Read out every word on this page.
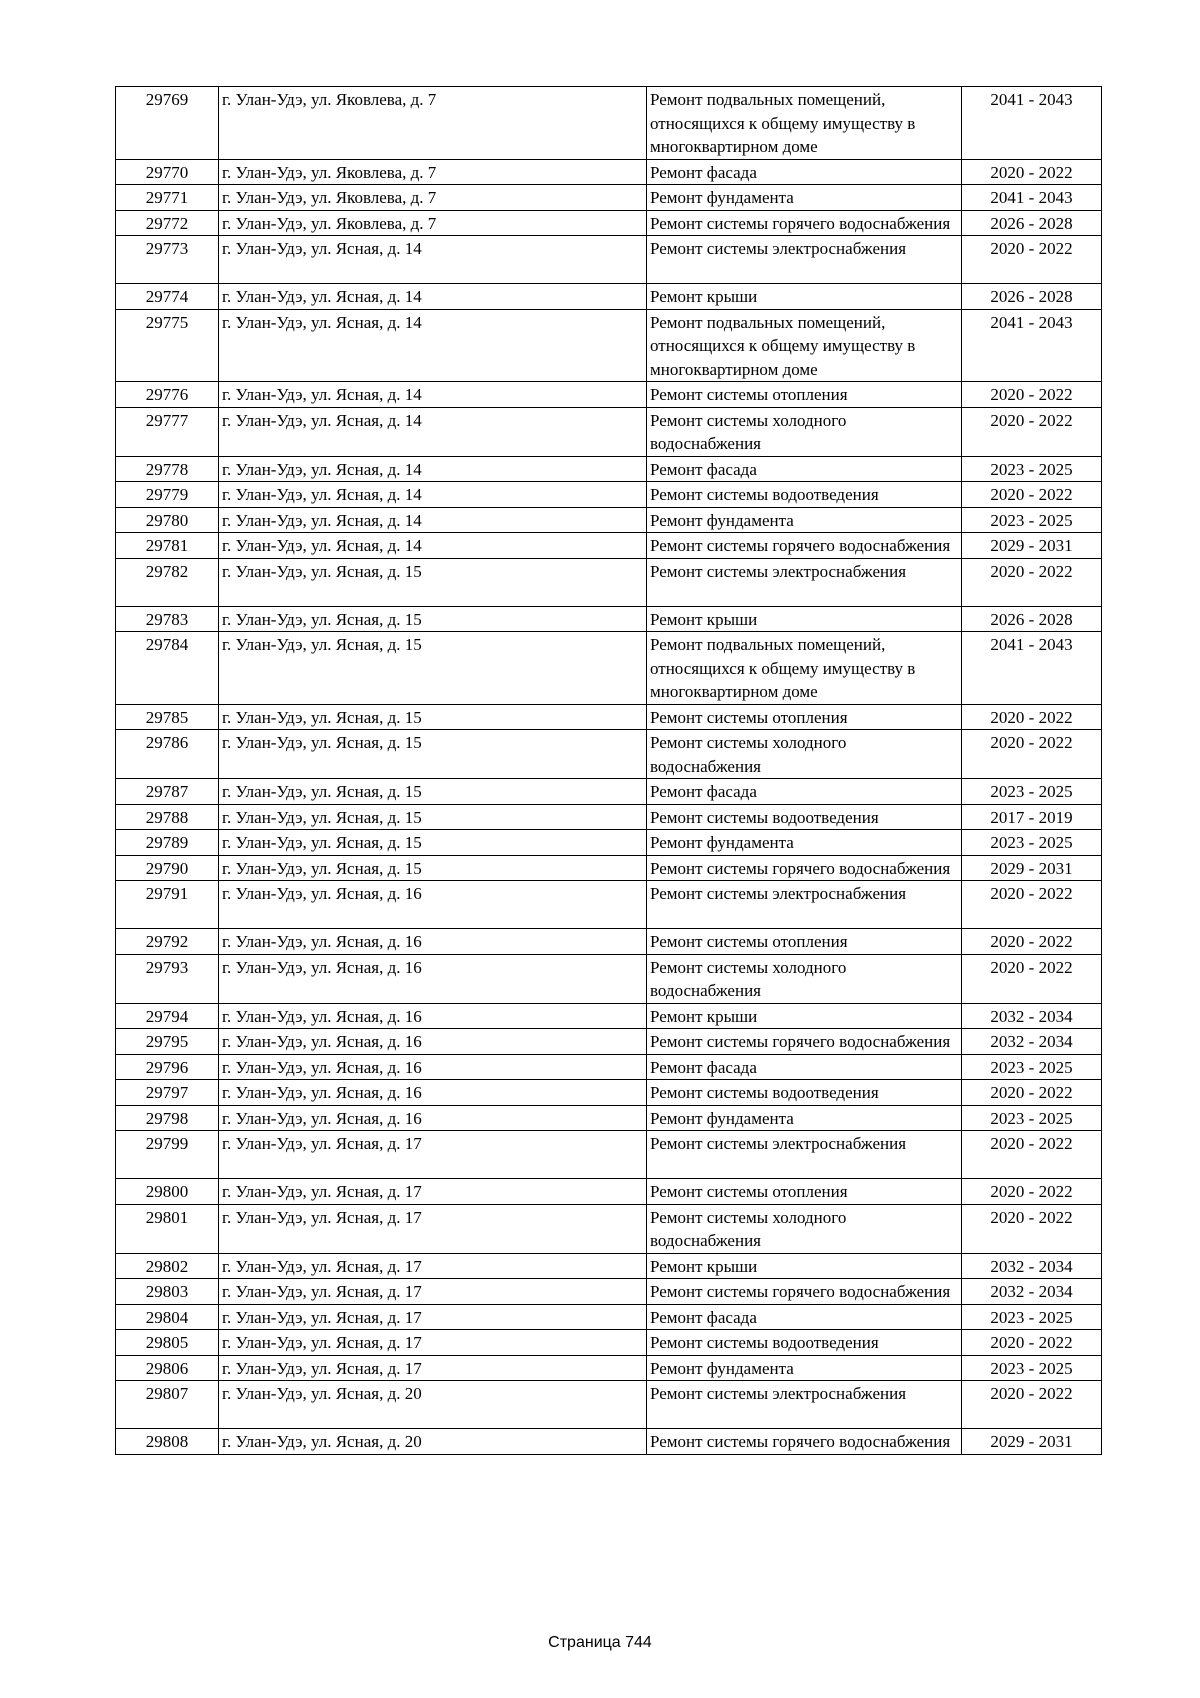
29769	г. Улан-Удэ, ул. Яковлева, д. 7	Ремонт подвальных помещений, относящихся к общему имуществу в многоквартирном доме	2041 - 2043
29770	г. Улан-Удэ, ул. Яковлева, д. 7	Ремонт фасада	2020 - 2022
29771	г. Улан-Удэ, ул. Яковлева, д. 7	Ремонт фундамента	2041 - 2043
29772	г. Улан-Удэ, ул. Яковлева, д. 7	Ремонт системы горячего водоснабжения	2026 - 2028
29773	г. Улан-Удэ, ул. Ясная, д. 14	Ремонт системы электроснабжения	2020 - 2022
29774	г. Улан-Удэ, ул. Ясная, д. 14	Ремонт крыши	2026 - 2028
29775	г. Улан-Удэ, ул. Ясная, д. 14	Ремонт подвальных помещений, относящихся к общему имуществу в многоквартирном доме	2041 - 2043
29776	г. Улан-Удэ, ул. Ясная, д. 14	Ремонт системы отопления	2020 - 2022
29777	г. Улан-Удэ, ул. Ясная, д. 14	Ремонт системы холодного водоснабжения	2020 - 2022
29778	г. Улан-Удэ, ул. Ясная, д. 14	Ремонт фасада	2023 - 2025
29779	г. Улан-Удэ, ул. Ясная, д. 14	Ремонт системы водоотведения	2020 - 2022
29780	г. Улан-Удэ, ул. Ясная, д. 14	Ремонт фундамента	2023 - 2025
29781	г. Улан-Удэ, ул. Ясная, д. 14	Ремонт системы горячего водоснабжения	2029 - 2031
29782	г. Улан-Удэ, ул. Ясная, д. 15	Ремонт системы электроснабжения	2020 - 2022
29783	г. Улан-Удэ, ул. Ясная, д. 15	Ремонт крыши	2026 - 2028
29784	г. Улан-Удэ, ул. Ясная, д. 15	Ремонт подвальных помещений, относящихся к общему имуществу в многоквартирном доме	2041 - 2043
29785	г. Улан-Удэ, ул. Ясная, д. 15	Ремонт системы отопления	2020 - 2022
29786	г. Улан-Удэ, ул. Ясная, д. 15	Ремонт системы холодного водоснабжения	2020 - 2022
29787	г. Улан-Удэ, ул. Ясная, д. 15	Ремонт фасада	2023 - 2025
29788	г. Улан-Удэ, ул. Ясная, д. 15	Ремонт системы водоотведения	2017 - 2019
29789	г. Улан-Удэ, ул. Ясная, д. 15	Ремонт фундамента	2023 - 2025
29790	г. Улан-Удэ, ул. Ясная, д. 15	Ремонт системы горячего водоснабжения	2029 - 2031
29791	г. Улан-Удэ, ул. Ясная, д. 16	Ремонт системы электроснабжения	2020 - 2022
29792	г. Улан-Удэ, ул. Ясная, д. 16	Ремонт системы отопления	2020 - 2022
29793	г. Улан-Удэ, ул. Ясная, д. 16	Ремонт системы холодного водоснабжения	2020 - 2022
29794	г. Улан-Удэ, ул. Ясная, д. 16	Ремонт крыши	2032 - 2034
29795	г. Улан-Удэ, ул. Ясная, д. 16	Ремонт системы горячего водоснабжения	2032 - 2034
29796	г. Улан-Удэ, ул. Ясная, д. 16	Ремонт фасада	2023 - 2025
29797	г. Улан-Удэ, ул. Ясная, д. 16	Ремонт системы водоотведения	2020 - 2022
29798	г. Улан-Удэ, ул. Ясная, д. 16	Ремонт фундамента	2023 - 2025
29799	г. Улан-Удэ, ул. Ясная, д. 17	Ремонт системы электроснабжения	2020 - 2022
29800	г. Улан-Удэ, ул. Ясная, д. 17	Ремонт системы отопления	2020 - 2022
29801	г. Улан-Удэ, ул. Ясная, д. 17	Ремонт системы холодного водоснабжения	2020 - 2022
29802	г. Улан-Удэ, ул. Ясная, д. 17	Ремонт крыши	2032 - 2034
29803	г. Улан-Удэ, ул. Ясная, д. 17	Ремонт системы горячего водоснабжения	2032 - 2034
29804	г. Улан-Удэ, ул. Ясная, д. 17	Ремонт фасада	2023 - 2025
29805	г. Улан-Удэ, ул. Ясная, д. 17	Ремонт системы водоотведения	2020 - 2022
29806	г. Улан-Удэ, ул. Ясная, д. 17	Ремонт фундамента	2023 - 2025
29807	г. Улан-Удэ, ул. Ясная, д. 20	Ремонт системы электроснабжения	2020 - 2022
29808	г. Улан-Удэ, ул. Ясная, д. 20	Ремонт системы горячего водоснабжения	2029 - 2031
Страница 744
